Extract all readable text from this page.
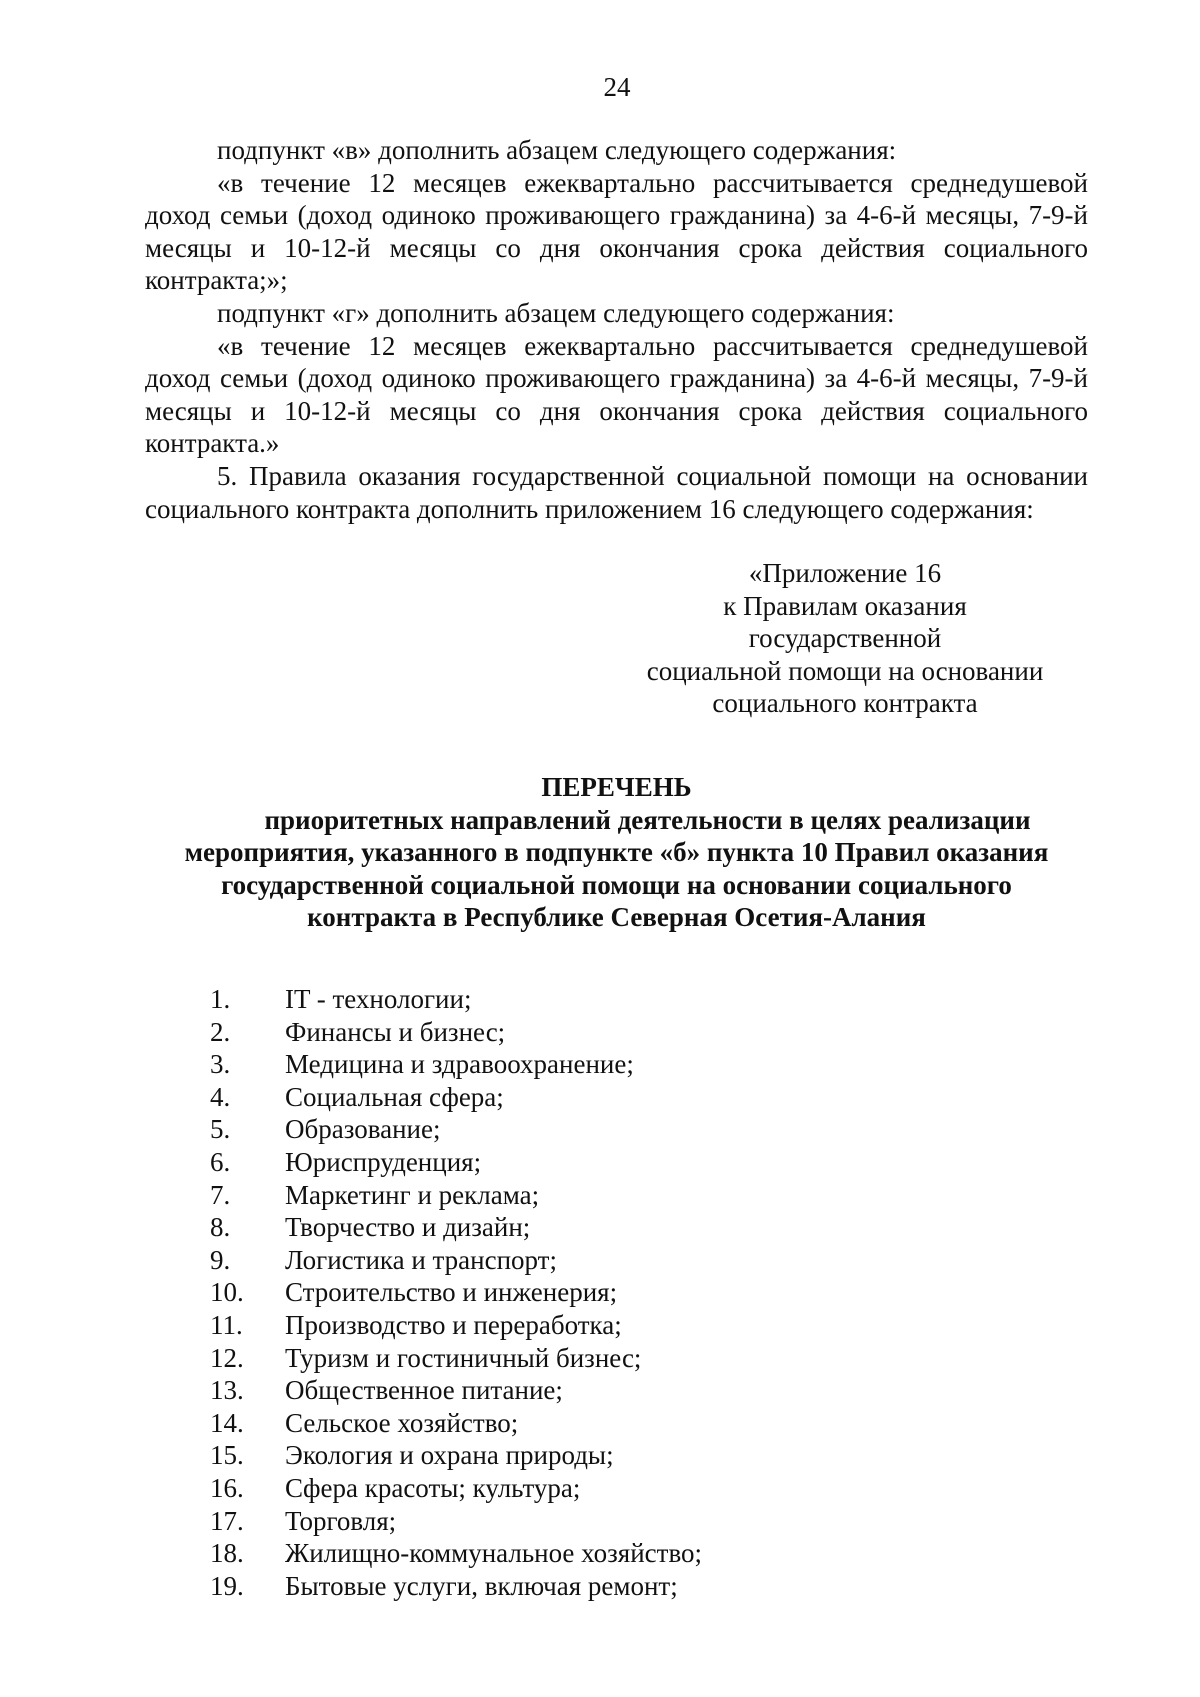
24

подпункт «в» дополнить абзацем следующего содержания:

«в течение 12 месяцев ежеквартально рассчитывается среднедушевой доход семьи (доход одиноко проживающего гражданина) за 4-6-й месяцы, 7-9-й месяцы и 10-12-й месяцы со дня окончания срока действия социального контракта;»;

подпункт «г» дополнить абзацем следующего содержания:

«в течение 12 месяцев ежеквартально рассчитывается среднедушевой доход семьи (доход одиноко проживающего гражданина) за 4-6-й месяцы, 7-9-й месяцы и 10-12-й месяцы со дня окончания срока действия социального контракта.»

5. Правила оказания государственной социальной помощи на основании социального контракта дополнить приложением 16 следующего содержания:

«Приложение 16
к Правилам оказания
государственной
социальной помощи на основании
социального контракта
ПЕРЕЧЕНЬ
приоритетных направлений деятельности в целях реализации
мероприятия, указанного в подпункте «б» пункта 10 Правил оказания
государственной социальной помощи на основании социального
контракта в Республике Северная Осетия-Алания
1.	IT - технологии;
2.	Финансы и бизнес;
3.	Медицина и здравоохранение;
4.	Социальная сфера;
5.	Образование;
6.	Юриспруденция;
7.	Маркетинг и реклама;
8.	Творчество и дизайн;
9.	Логистика и транспорт;
10.	Строительство и инженерия;
11.	Производство и переработка;
12.	Туризм и гостиничный бизнес;
13.	Общественное питание;
14.	Сельское хозяйство;
15.	Экология и охрана природы;
16.	Сфера красоты; культура;
17.	Торговля;
18.	Жилищно-коммунальное хозяйство;
19.	Бытовые услуги, включая ремонт;
